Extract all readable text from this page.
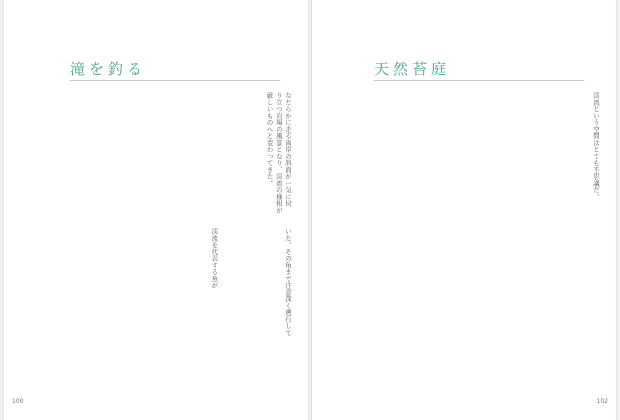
滝を釣る
なだらかに走る両岸の斜面が一気に切
り立つ岩場の風景となり、渓流の様相が
厳しいものへと変わってきた。

いた。その角まで注意深く遡行して

渓流を代表する魚が

100
天然苔庭
渓流という空間はとても不思議だ。

102
